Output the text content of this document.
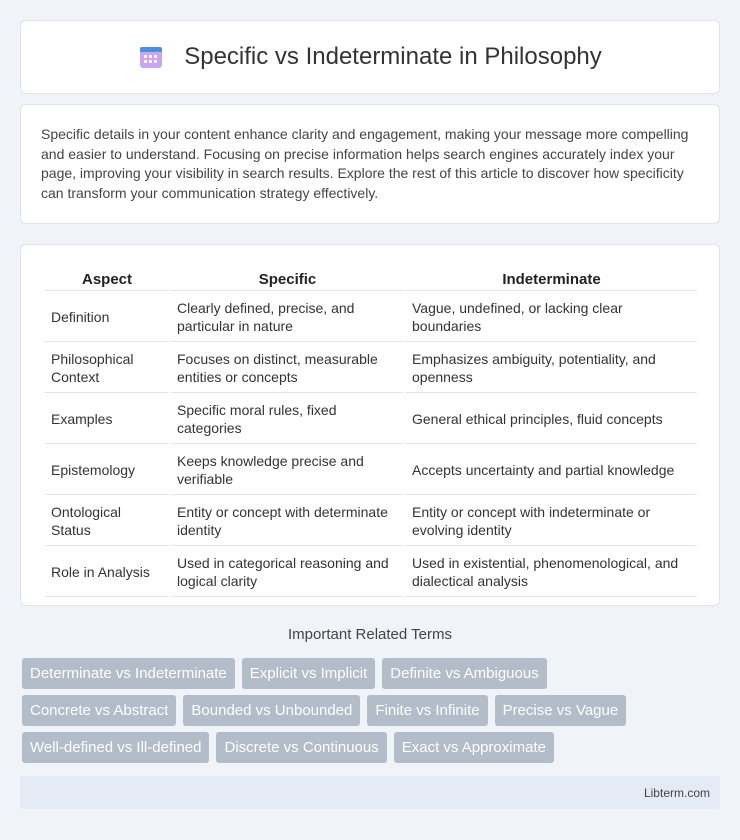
Specific vs Indeterminate in Philosophy

Specific details in your content enhance clarity and engagement, making your message more compelling and easier to understand. Focusing on precise information helps search engines accurately index your page, improving your visibility in search results. Explore the rest of this article to discover how specificity can transform your communication strategy effectively.

Aspect	Specific	Indeterminate
Definition	Clearly defined, precise, and particular in nature	Vague, undefined, or lacking clear boundaries
Philosophical Context	Focuses on distinct, measurable entities or concepts	Emphasizes ambiguity, potentiality, and openness
Examples	Specific moral rules, fixed categories	General ethical principles, fluid concepts
Epistemology	Keeps knowledge precise and verifiable	Accepts uncertainty and partial knowledge
Ontological Status	Entity or concept with determinate identity	Entity or concept with indeterminate or evolving identity
Role in Analysis	Used in categorical reasoning and logical clarity	Used in existential, phenomenological, and dialectical analysis
Important Related Terms
Determinate vs Indeterminate	Explicit vs Implicit	Definite vs Ambiguous
Concrete vs Abstract	Bounded vs Unbounded	Finite vs Infinite	Precise vs Vague
Well-defined vs Ill-defined	Discrete vs Continuous	Exact vs Approximate
Libterm.com
